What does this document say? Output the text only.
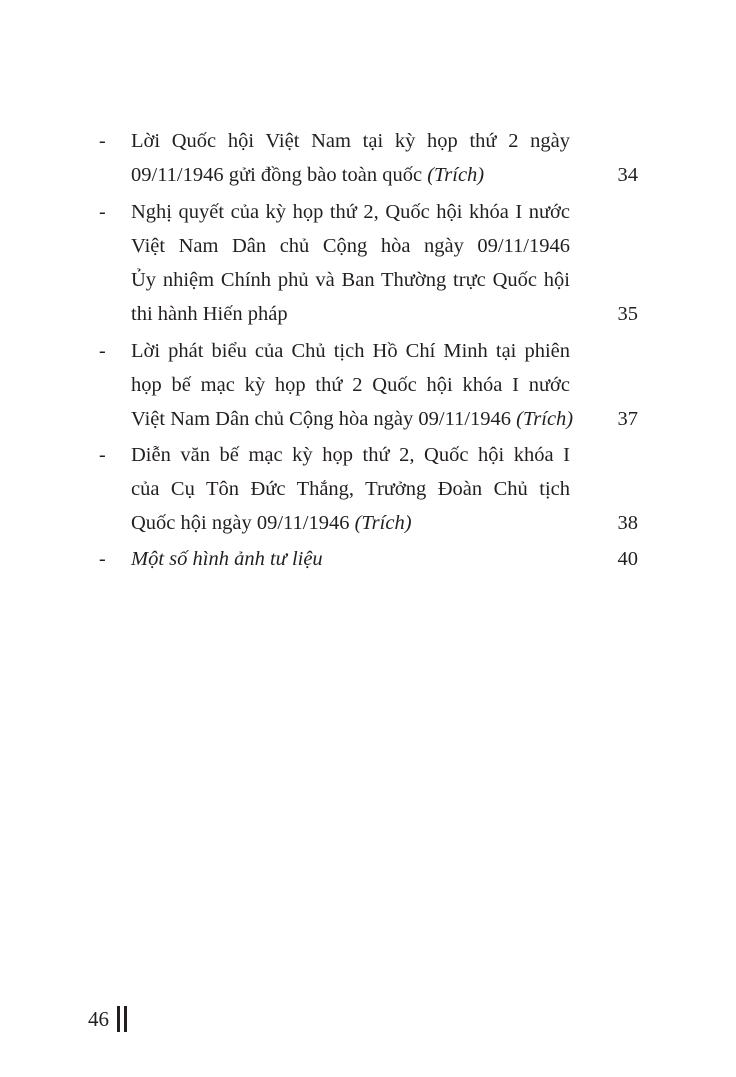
- Lời Quốc hội Việt Nam tại kỳ họp thứ 2 ngày
09/11/1946 gửi đồng bào toàn quốc (Trích)	34
- Nghị quyết của kỳ họp thứ 2, Quốc hội khóa I nước
Việt Nam Dân chủ Cộng hòa ngày 09/11/1946
Ủy nhiệm Chính phủ và Ban Thường trực Quốc hội
thi hành Hiến pháp	35
- Lời phát biểu của Chủ tịch Hồ Chí Minh tại phiên
họp bế mạc kỳ họp thứ 2 Quốc hội khóa I nước
Việt Nam Dân chủ Cộng hòa ngày 09/11/1946 (Trích) 37
- Diễn văn bế mạc kỳ họp thứ 2, Quốc hội khóa I
của Cụ Tôn Đức Thắng, Trưởng Đoàn Chủ tịch
Quốc hội ngày 09/11/1946 (Trích)	38
- Một số hình ảnh tư liệu	40
46
